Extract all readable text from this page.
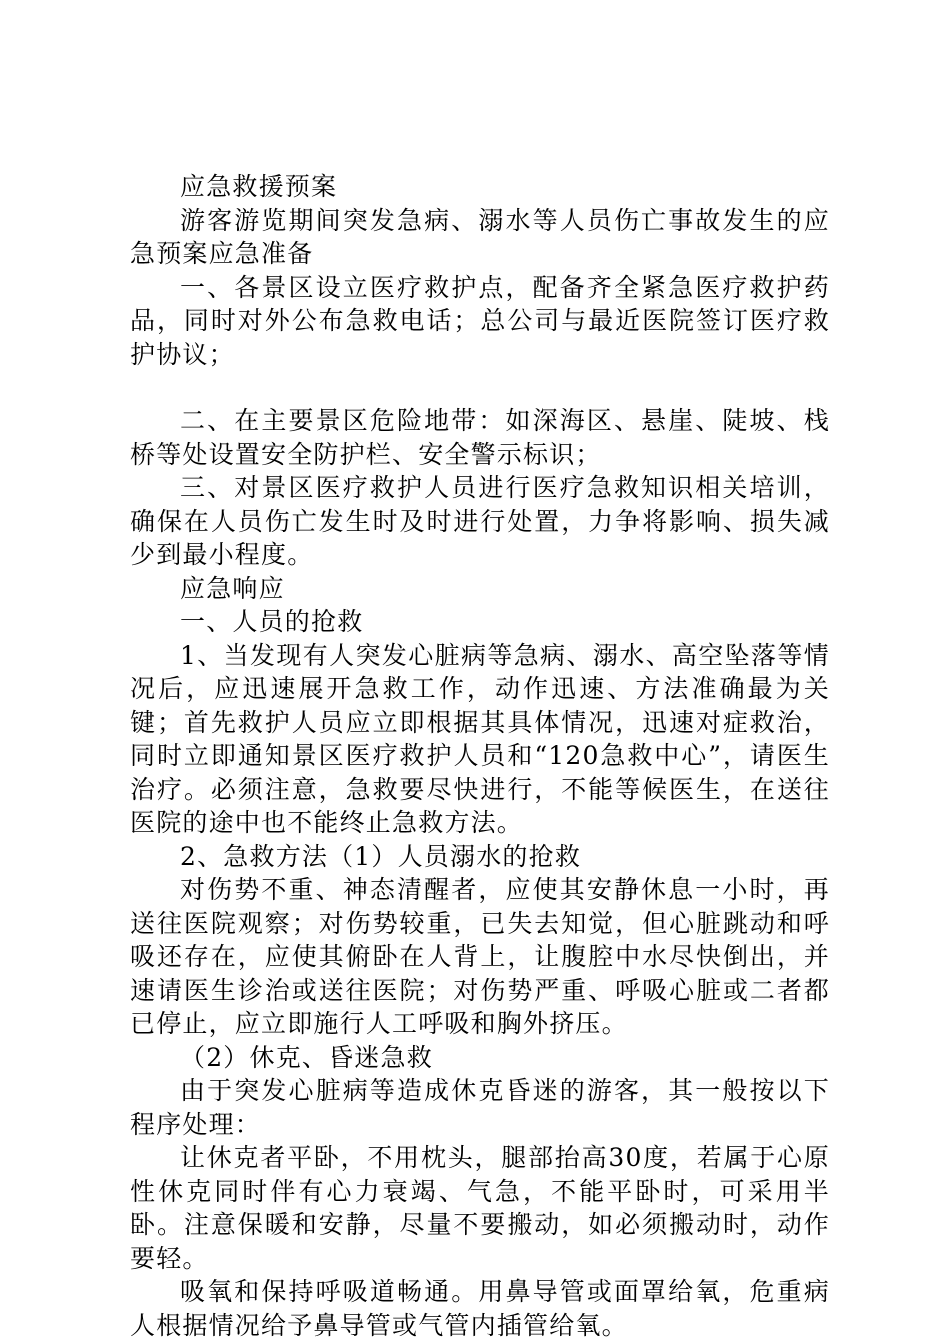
应急救援预案

游客游览期间突发急病、溺水等人员伤亡事故发生的应急预案应急准备

一、各景区设立医疗救护点，配备齐全紧急医疗救护药品，同时对外公布急救电话；总公司与最近医院签订医疗救护协议；

二、在主要景区危险地带：如深海区、悬崖、陡坡、栈桥等处设置安全防护栏、安全警示标识；

三、对景区医疗救护人员进行医疗急救知识相关培训，确保在人员伤亡发生时及时进行处置，力争将影响、损失减少到最小程度。

应急响应

一、人员的抢救

1、当发现有人突发心脏病等急病、溺水、高空坠落等情况后，应迅速展开急救工作，动作迅速、方法准确最为关键；首先救护人员应立即根据其具体情况，迅速对症救治，同时立即通知景区医疗救护人员和“120急救中心”，请医生治疗。必须注意，急救要尽快进行，不能等候医生，在送往医院的途中也不能终止急救方法。

2、急救方法（1）人员溺水的抢救

对伤势不重、神态清醒者，应使其安静休息一小时，再送往医院观察；对伤势较重，已失去知觉，但心脏跳动和呼吸还存在，应使其俯卧在人背上，让腹腔中水尽快倒出，并速请医生诊治或送往医院；对伤势严重、呼吸心脏或二者都已停止，应立即施行人工呼吸和胸外挤压。

（2）休克、昏迷急救

由于突发心脏病等造成休克昏迷的游客，其一般按以下程序处理：

让休克者平卧，不用枕头，腿部抬高30度，若属于心原性休克同时伴有心力衰竭、气急，不能平卧时，可采用半卧。注意保暖和安静，尽量不要搬动，如必须搬动时，动作要轻。

吸氧和保持呼吸道畅通。用鼻导管或面罩给氧，危重病人根据情况给予鼻导管或气管内插管给氧。
